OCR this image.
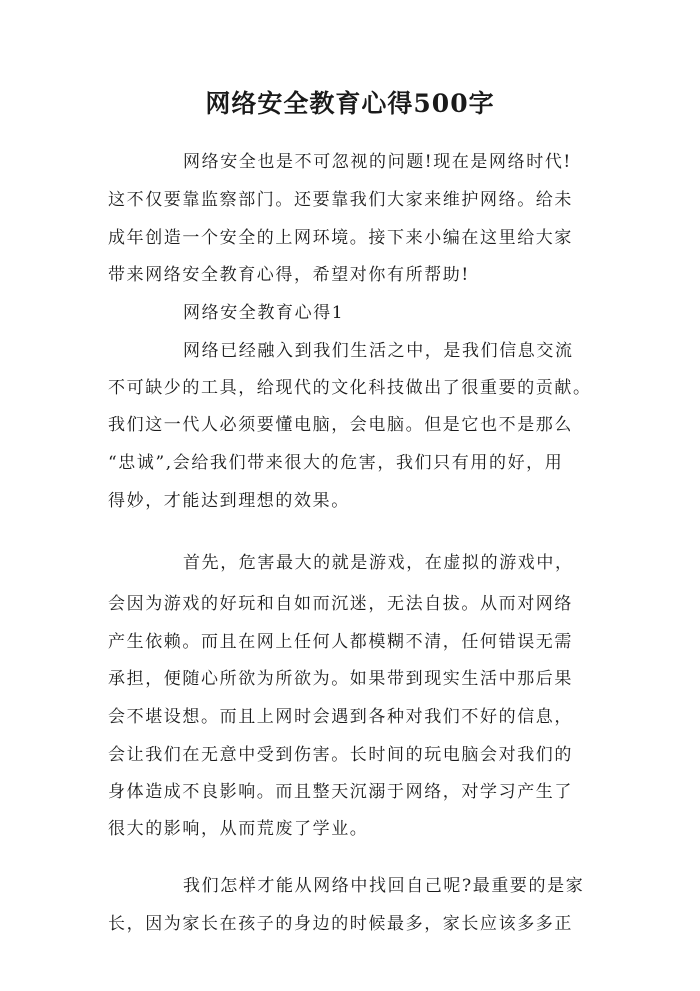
网络安全教育心得500字
网络安全也是不可忽视的问题!现在是网络时代!
这不仅要靠监察部门。还要靠我们大家来维护网络。给未
成年创造一个安全的上网环境。接下来小编在这里给大家
带来网络安全教育心得，希望对你有所帮助!
网络安全教育心得1
网络已经融入到我们生活之中，是我们信息交流
不可缺少的工具，给现代的文化科技做出了很重要的贡献。
我们这一代人必须要懂电脑，会电脑。但是它也不是那么
“忠诚”,会给我们带来很大的危害，我们只有用的好，用
得妙，才能达到理想的效果。
首先，危害最大的就是游戏，在虚拟的游戏中，
会因为游戏的好玩和自如而沉迷，无法自拔。从而对网络
产生依赖。而且在网上任何人都模糊不清，任何错误无需
承担，便随心所欲为所欲为。如果带到现实生活中那后果
会不堪设想。而且上网时会遇到各种对我们不好的信息，
会让我们在无意中受到伤害。长时间的玩电脑会对我们的
身体造成不良影响。而且整天沉溺于网络，对学习产生了
很大的影响，从而荒废了学业。
我们怎样才能从网络中找回自己呢?最重要的是家
长，因为家长在孩子的身边的时候最多，家长应该多多正
